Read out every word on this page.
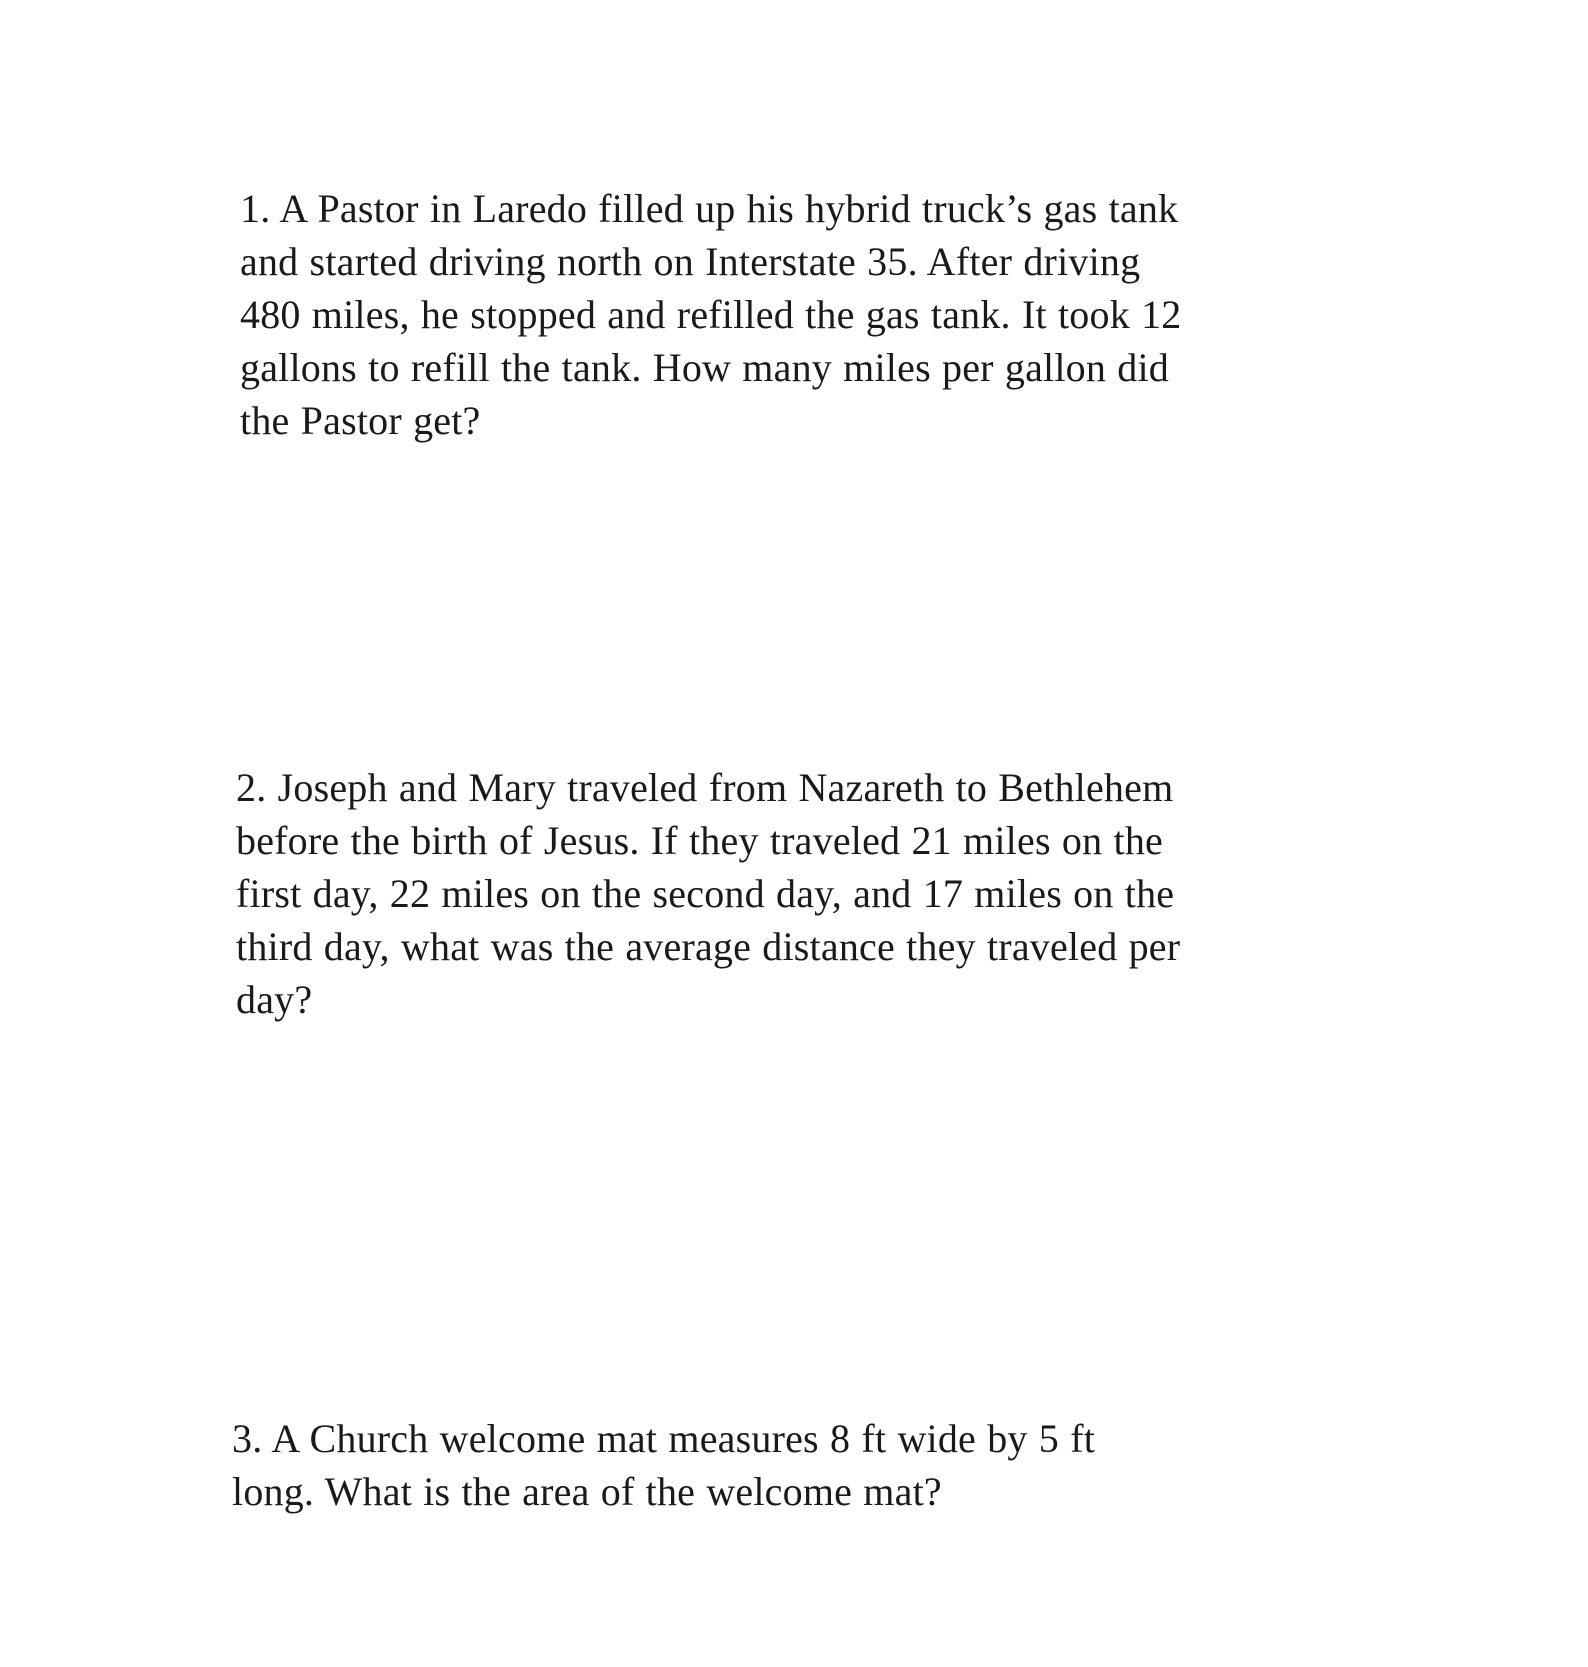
1. A Pastor in Laredo filled up his hybrid truck’s gas tank
and started driving north on Interstate 35. After driving
480 miles, he stopped and refilled the gas tank. It took 12
gallons to refill the tank. How many miles per gallon did
the Pastor get?

2. Joseph and Mary traveled from Nazareth to Bethlehem
before the birth of Jesus. If they traveled 21 miles on the
first day, 22 miles on the second day, and 17 miles on the
third day, what was the average distance they traveled per
day?

3. A Church welcome mat measures 8 ft wide by 5 ft
long. What is the area of the welcome mat?
